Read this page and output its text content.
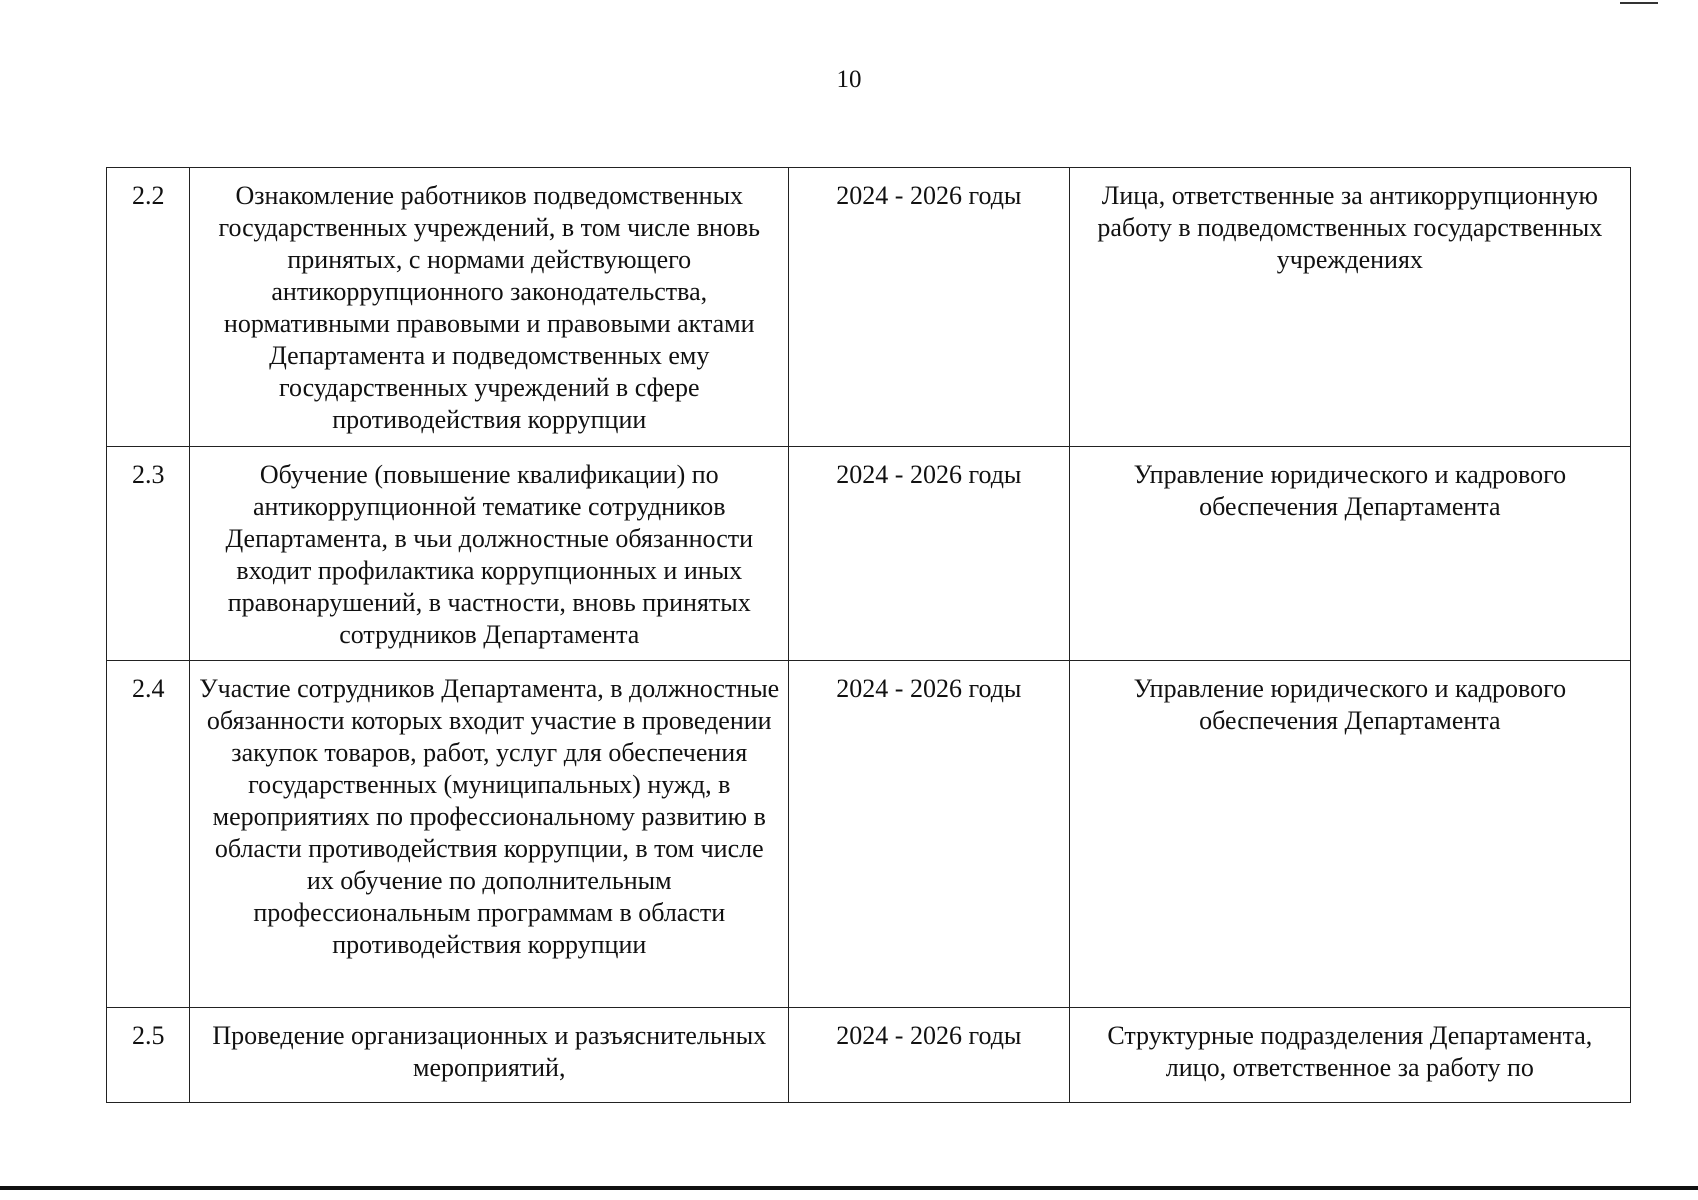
10
2.2	Ознакомление работников подведомственных государственных учреждений, в том числе вновь принятых, с нормами действующего антикоррупционного законодательства, нормативными правовыми и правовыми актами Департамента и подведомственных ему государственных учреждений в сфере противодействия коррупции	2024 - 2026 годы	Лица, ответственные за антикоррупционную работу в подведомственных государственных учреждениях
2.3	Обучение (повышение квалификации) по антикоррупционной тематике сотрудников Департамента, в чьи должностные обязанности входит профилактика коррупционных и иных правонарушений, в частности, вновь принятых сотрудников Департамента	2024 - 2026 годы	Управление юридического и кадрового обеспечения Департамента
2.4	Участие сотрудников Департамента, в должностные обязанности которых входит участие в проведении закупок товаров, работ, услуг для обеспечения государственных (муниципальных) нужд, в мероприятиях по профессиональному развитию в области противодействия коррупции, в том числе их обучение по дополнительным профессиональным программам в области противодействия коррупции	2024 - 2026 годы	Управление юридического и кадрового обеспечения Департамента
2.5	Проведение организационных и разъяснительных мероприятий,	2024 - 2026 годы	Структурные подразделения Департамента, лицо, ответственное за работу по
